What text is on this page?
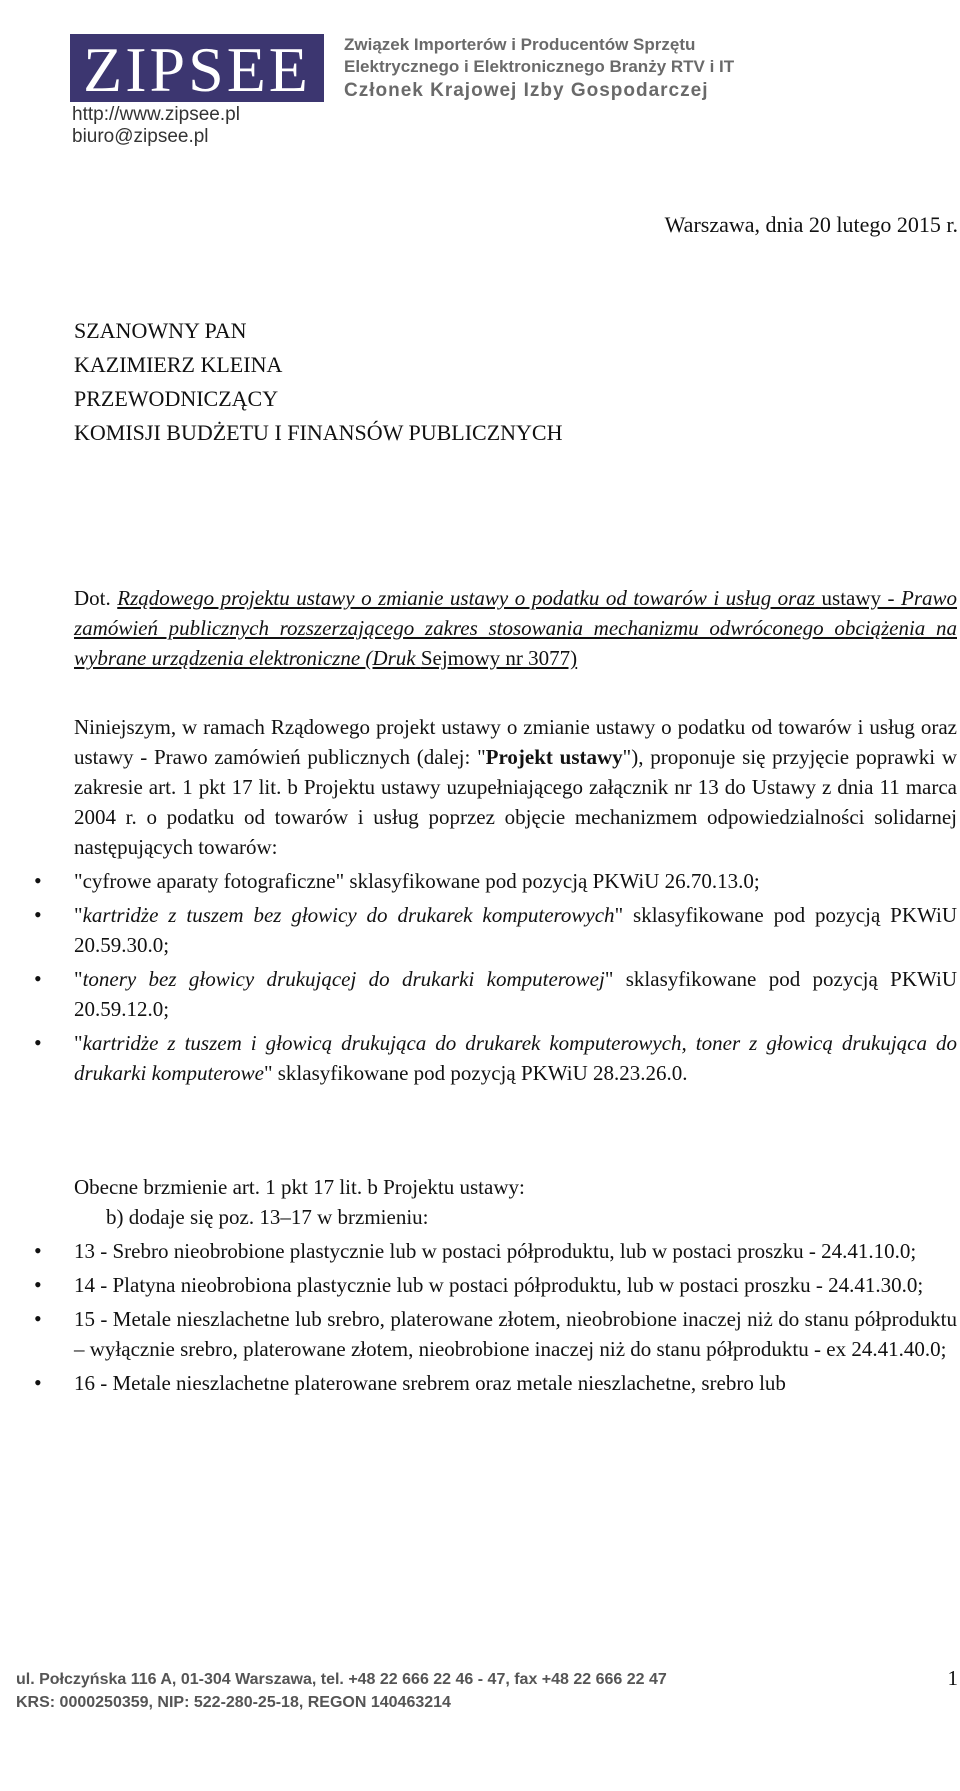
ZIPSEE Związek Importerów i Producentów Sprzętu
Elektrycznego i Elektronicznego Branży RTV i IT
Członek Krajowej Izby Gospodarczej
http://www.zipsee.pl
biuro@zipsee.pl
Warszawa, dnia 20 lutego 2015 r.
SZANOWNY PAN
KAZIMIERZ KLEINA
PRZEWODNICZĄCY
KOMISJI BUDŻETU I FINANSÓW PUBLICZNYCH

Dot. Rządowego projektu ustawy o zmianie ustawy o podatku od towarów i usług oraz ustawy - Prawo zamówień publicznych rozszerzającego zakres stosowania mechanizmu odwróconego obciążenia na wybrane urządzenia elektroniczne (Druk Sejmowy nr 3077)

Niniejszym, w ramach Rządowego projekt ustawy o zmianie ustawy o podatku od towarów i usług oraz ustawy - Prawo zamówień publicznych (dalej: "Projekt ustawy"), proponuje się przyjęcie poprawki w zakresie art. 1 pkt 17 lit. b Projektu ustawy uzupełniającego załącznik nr 13 do Ustawy z dnia 11 marca 2004 r. o podatku od towarów i usług poprzez objęcie mechanizmem odpowiedzialności solidarnej następujących towarów:

• "cyfrowe aparaty fotograficzne" sklasyfikowane pod pozycją PKWiU 26.70.13.0;
• "kartridże z tuszem bez głowicy do drukarek komputerowych" sklasyfikowane pod pozycją PKWiU 20.59.30.0;
• "tonery bez głowicy drukującej do drukarki komputerowej" sklasyfikowane pod pozycją PKWiU 20.59.12.0;
• "kartridże z tuszem i głowicą drukująca do drukarek komputerowych, toner z głowicą drukująca do drukarki komputerowe" sklasyfikowane pod pozycją PKWiU 28.23.26.0.

Obecne brzmienie art. 1 pkt 17 lit. b Projektu ustawy:

b) dodaje się poz. 13–17 w brzmieniu:

• 13 - Srebro nieobrobione plastycznie lub w postaci półproduktu, lub w postaci proszku - 24.41.10.0;
• 14 - Platyna nieobrobiona plastycznie lub w postaci półproduktu, lub w postaci proszku - 24.41.30.0;
• 15 - Metale nieszlachetne lub srebro, platerowane złotem, nieobrobione inaczej niż do stanu półproduktu – wyłącznie srebro, platerowane złotem, nieobrobione inaczej niż do stanu półproduktu - ex 24.41.40.0;
• 16 - Metale nieszlachetne platerowane srebrem oraz metale nieszlachetne, srebro lub
ul. Połczyńska 116 A, 01-304 Warszawa, tel. +48 22 666 22 46 - 47, fax +48 22 666 22 47
KRS: 0000250359, NIP: 522-280-25-18, REGON 140463214
1
